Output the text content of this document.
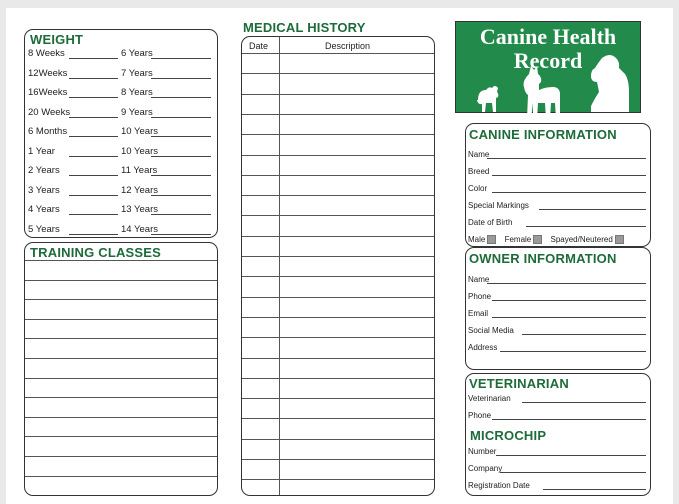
WEIGHT
8 Weeks	6 Years
12Weeks	7 Years
16Weeks	8 Years
20 Weeks	9 Years
6 Months	10 Years
1 Year	10 Years
2 Years	11 Years
3 Years	12 Years
4 Years	13 Years
5 Years	14 Years
TRAINING CLASSES
MEDICAL HISTORY
Date	Description	Canine Health
Record
CANINE INFORMATION
Name
Breed
Color
Special Markings
Date of Birth
Male Female Spayed/Neutered
OWNER INFORMATION
Name
Phone
Email
Social Media
Address
VETERINARIAN
Veterinarian
Phone
MICROCHIP
Number
Company
Registration Date
